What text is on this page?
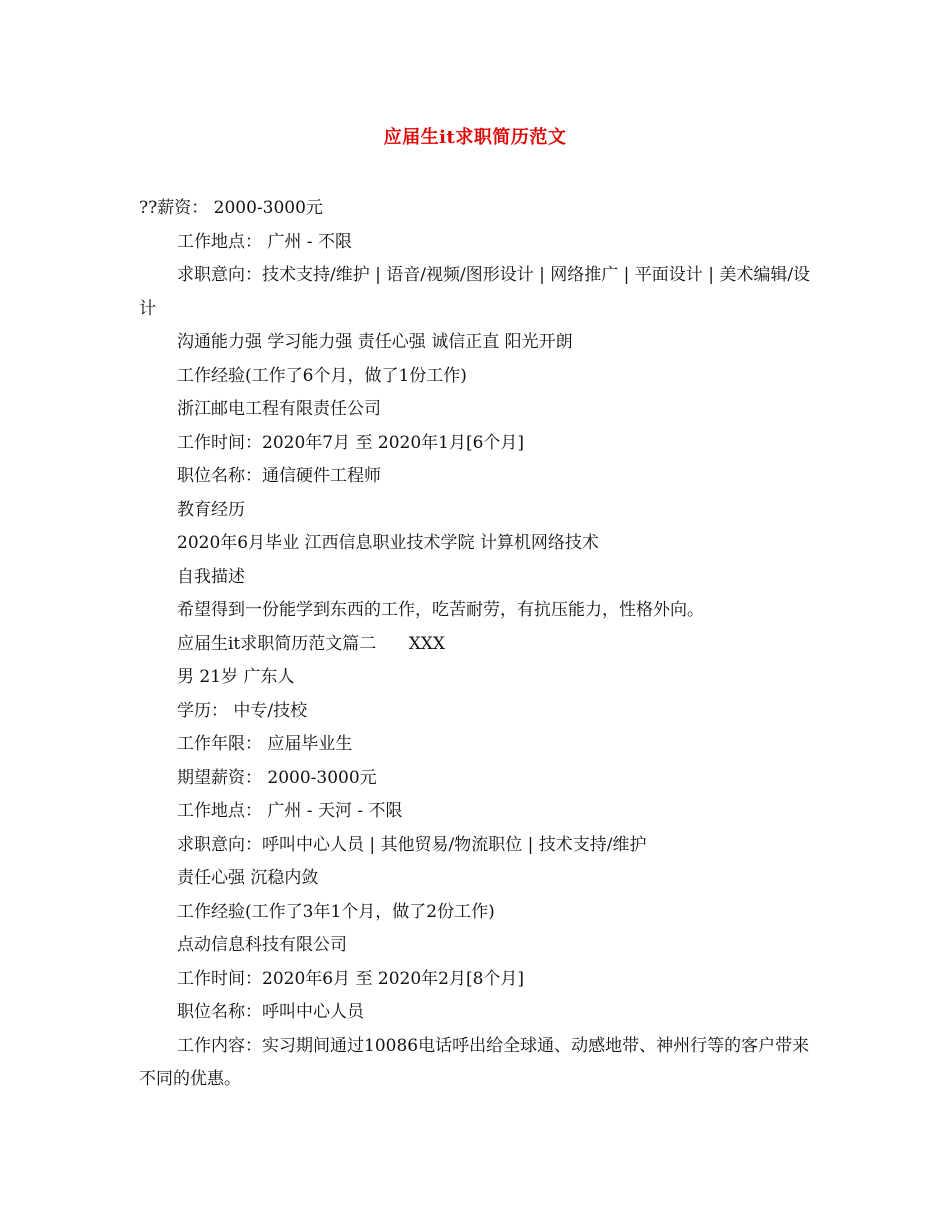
应届生it求职简历范文
??薪资： 2000-3000元
工作地点： 广州 - 不限
求职意向：技术支持/维护 | 语音/视频/图形设计 | 网络推广 | 平面设计 | 美术编辑/设计
沟通能力强 学习能力强 责任心强 诚信正直 阳光开朗
工作经验(工作了6个月，做了1份工作)
浙江邮电工程有限责任公司
工作时间：2020年7月 至 2020年1月[6个月]
职位名称：通信硬件工程师
教育经历
2020年6月毕业 江西信息职业技术学院 计算机网络技术
自我描述
希望得到一份能学到东西的工作，吃苦耐劳，有抗压能力，性格外向。
应届生it求职简历范文篇二      XXX
男 21岁 广东人
学历： 中专/技校
工作年限： 应届毕业生
期望薪资： 2000-3000元
工作地点： 广州 - 天河 - 不限
求职意向：呼叫中心人员 | 其他贸易/物流职位 | 技术支持/维护
责任心强 沉稳内敛
工作经验(工作了3年1个月，做了2份工作)
点动信息科技有限公司
工作时间：2020年6月 至 2020年2月[8个月]
职位名称：呼叫中心人员
工作内容：实习期间通过10086电话呼出给全球通、动感地带、神州行等的客户带来不同的优惠。
